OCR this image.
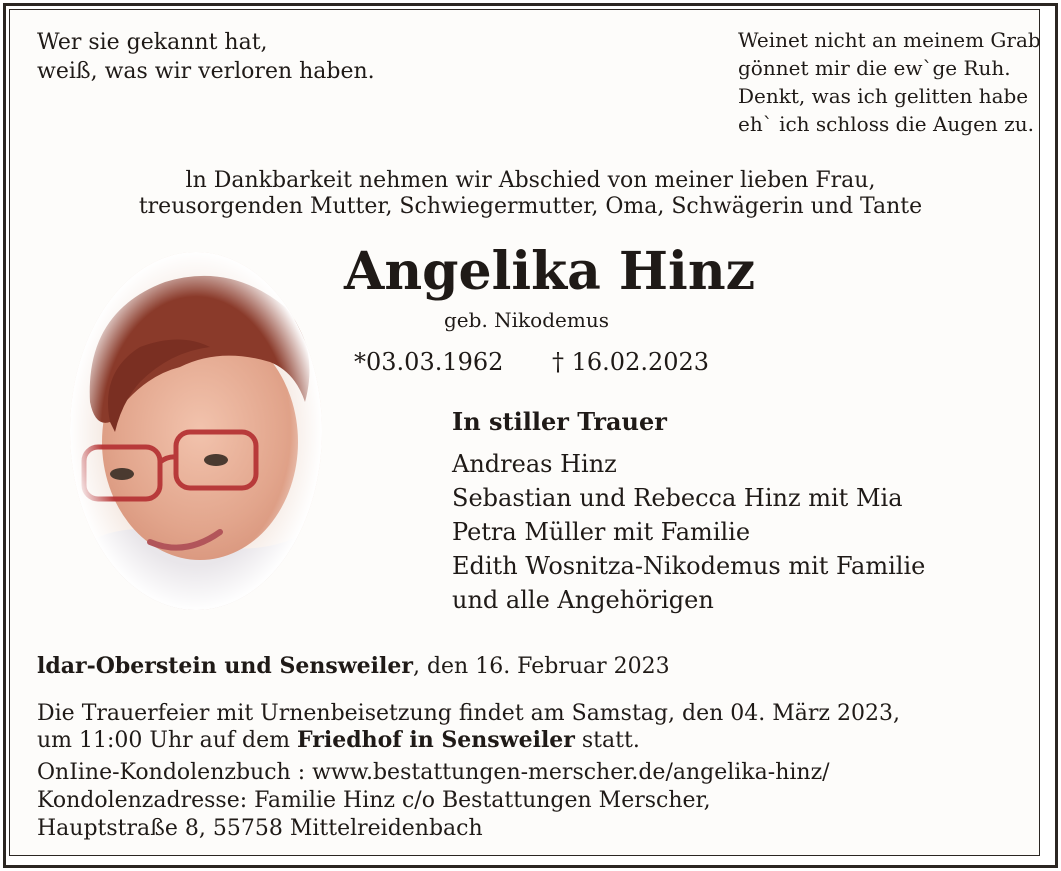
Wer sie gekannt hat,
weiß, was wir verloren haben.
Weinet nicht an meinem Grab
gönnet mir die ew`ge Ruh.
Denkt, was ich gelitten habe
eh` ich schloss die Augen zu.
ln Dankbarkeit nehmen wir Abschied von meiner lieben Frau,
treusorgenden Mutter, Schwiegermutter, Oma, Schwägerin und Tante
Angelika Hinz
geb. Nikodemus
*03.03.1962 † 16.02.2023
In stiller Trauer
Andreas Hinz
Sebastian und Rebecca Hinz mit Mia
Petra Müller mit Familie
Edith Wosnitza-Nikodemus mit Familie
und alle Angehörigen
ldar-Oberstein und Sensweiler, den 16. Februar 2023
Die Trauerfeier mit Urnenbeisetzung findet am Samstag, den 04. März 2023,
um 11:00 Uhr auf dem Friedhof in Sensweiler statt.
OnIine-Kondolenzbuch : www.bestattungen-merscher.de/angelika-hinz/
Kondolenzadresse: Familie Hinz c/o Bestattungen Merscher,
Hauptstraße 8, 55758 Mittelreidenbach
